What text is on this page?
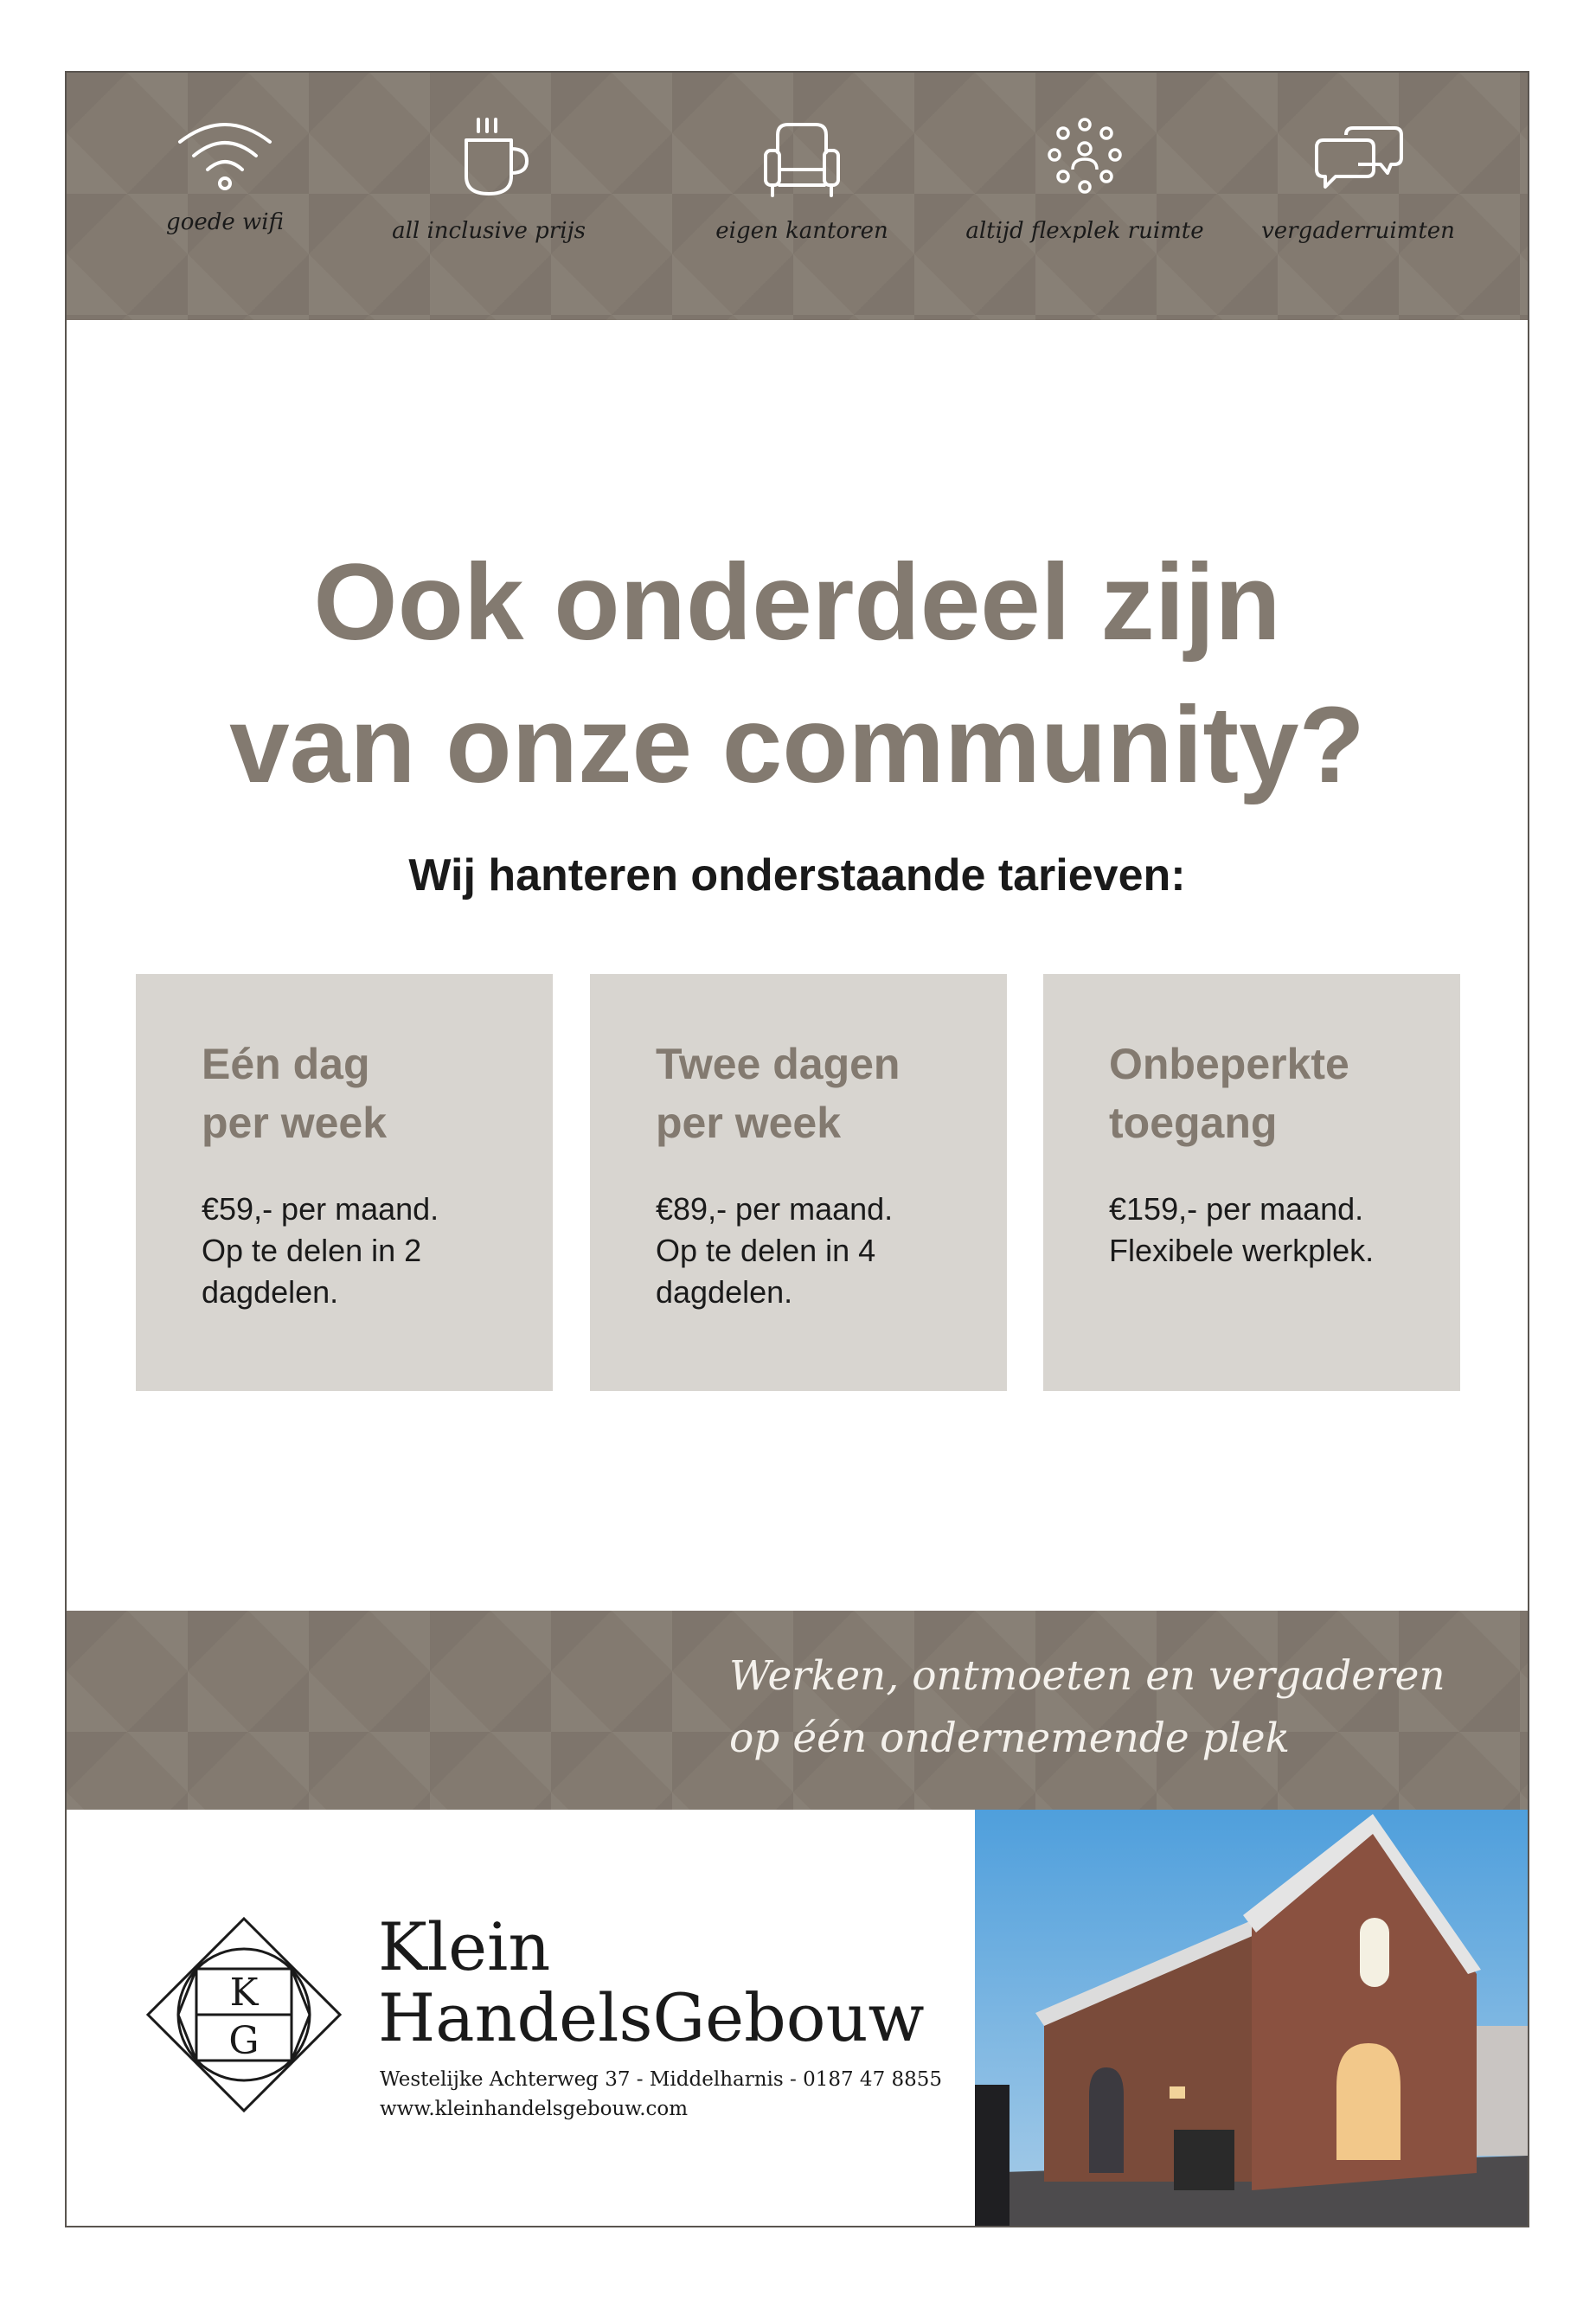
goede wifi	all inclusive prijs	eigen kantoren	altijd flexplek ruimte	vergaderruimten
Ook onderdeel zijn
van onze community?
Wij hanteren onderstaande tarieven:
Eén dag
per week
€59,- per maand.
Op te delen in 2
dagdelen.
Twee dagen
per week
€89,- per maand.
Op te delen in 4
dagdelen.
Onbeperkte
toegang
€159,- per maand.
Flexibele werkplek.
Werken, ontmoeten en vergaderen
op één ondernemende plek
K
G
Klein
HandelsGebouw
Westelijke Achterweg 37 - Middelharnis - 0187 47 8855
www.kleinhandelsgebouw.com
